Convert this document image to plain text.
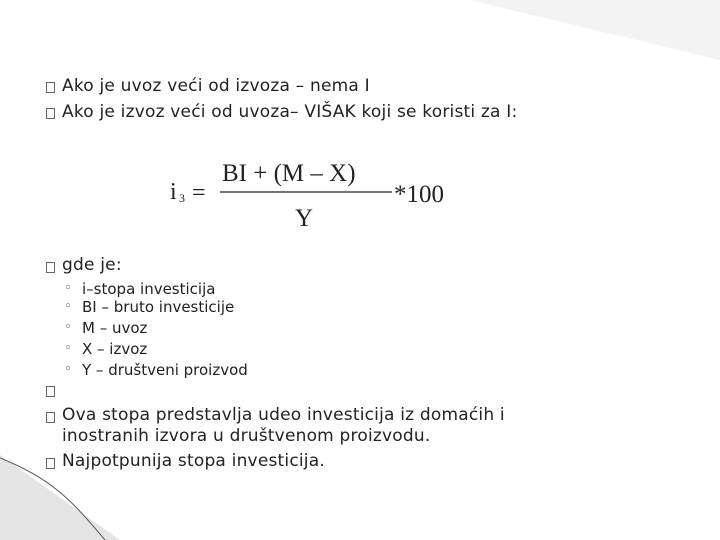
Ako je uvoz veći od izvoza – nema I
Ako je izvoz veći od uvoza– VIŠAK koji se koristi za I:
i 3 =
BI + (M – X)
Y
*100
gde je:
◦ i–stopa investicija
◦ BI – bruto investicije
◦ M – uvoz
◦ X – izvoz
◦ Y – društveni proizvod
Ova stopa predstavlja udeo investicija iz domaćih i
inostranih izvora u društvenom proizvodu.
Najpotpunija stopa investicija.
